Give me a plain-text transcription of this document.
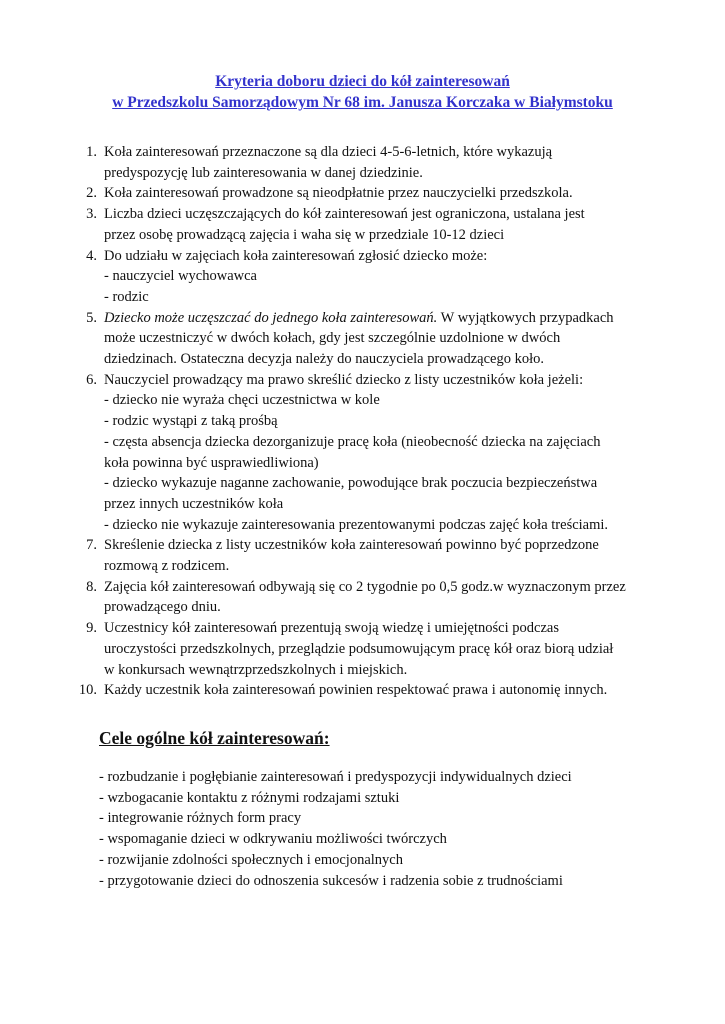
Kryteria doboru dzieci do kół zainteresowań
w Przedszkolu Samorządowym Nr 68 im. Janusza Korczaka w Białymstoku
1. Koła zainteresowań przeznaczone są dla dzieci 4-5-6-letnich, które wykazują
predyspozycję lub zainteresowania w danej dziedzinie.
2. Koła zainteresowań prowadzone są nieodpłatnie przez nauczycielki przedszkola.
3. Liczba dzieci uczęszczających do kół zainteresowań jest ograniczona, ustalana jest
przez osobę prowadzącą zajęcia i waha się w przedziale 10-12 dzieci
4. Do udziału w zajęciach koła zainteresowań zgłosić dziecko może:
- nauczyciel wychowawca
- rodzic
5. Dziecko może uczęszczać do jednego koła zainteresowań. W wyjątkowych przypadkach
może uczestniczyć w dwóch kołach, gdy jest szczególnie uzdolnione w dwóch
dziedzinach. Ostateczna decyzja należy do nauczyciela prowadzącego koło.
6. Nauczyciel prowadzący ma prawo skreślić dziecko z listy uczestników koła jeżeli:
- dziecko nie wyraża chęci uczestnictwa w kole
- rodzic wystąpi z taką prośbą
- częsta absencja dziecka dezorganizuje pracę koła (nieobecność dziecka na zajęciach
koła powinna być usprawiedliwiona)
- dziecko wykazuje naganne zachowanie, powodujące brak poczucia bezpieczeństwa
przez innych uczestników koła
- dziecko nie wykazuje zainteresowania prezentowanymi podczas zajęć koła treściami.
7. Skreślenie dziecka z listy uczestników koła zainteresowań powinno być poprzedzone
rozmową z rodzicem.
8. Zajęcia kół zainteresowań odbywają się co 2 tygodnie po 0,5 godz.w wyznaczonym przez
prowadzącego dniu.
9. Uczestnicy kół zainteresowań prezentują swoją wiedzę i umiejętności podczas
uroczystości przedszkolnych, przeglądzie podsumowującym pracę kół oraz biorą udział
w konkursach wewnątrzprzedszkolnych i miejskich.
10. Każdy uczestnik koła zainteresowań powinien respektować prawa i autonomię innych.
Cele ogólne kół zainteresowań:
- rozbudzanie i pogłębianie zainteresowań i predyspozycji indywidualnych dzieci
- wzbogacanie kontaktu z różnymi rodzajami sztuki
- integrowanie różnych form pracy
- wspomaganie dzieci w odkrywaniu możliwości twórczych
- rozwijanie zdolności społecznych i emocjonalnych
- przygotowanie dzieci do odnoszenia sukcesów i radzenia sobie z trudnościami
